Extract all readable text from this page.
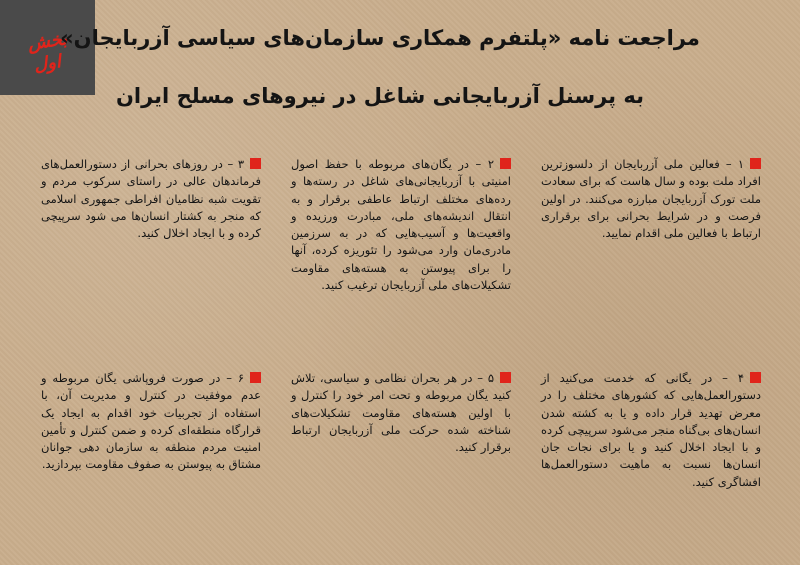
بخش
اول
مراجعت نامه «پلتفرم همکاری سازمان‌های سیاسی آزربایجان»
به پرسنل آزربایجانی شاغل در نیروهای مسلح ایران
۱ – فعالین ملی آزربایجان از دلسوزترین افراد ملت بوده و سال هاست که برای سعادت ملت تورک آزربایجان مبارزه می‌کنند. در اولین فرصت و در شرایط بحرانی برای برقراری ارتباط با فعالین ملی اقدام نمایید.
۲ – در یگان‌های مربوطه با حفظ اصول امنیتی با آزربایجانی‌های شاغل در رسته‌ها و رده‌های مختلف ارتباط عاطفی برقرار و به انتقال اندیشه‌های ملی، مبادرت ورزیده و واقعیت‌ها و آسیب‌هایی که در به سرزمین مادری‌مان وارد می‌شود را تئوریزه کرده، آنها را برای پیوستن به هسته‌های مقاومت تشکیلات‌های ملی آزربایجان ترغیب کنید.
۳ – در روزهای بحرانی از دستورالعمل‌های فرماندهان عالی در راستای سرکوب مردم و تقویت شبه نظامیان افراطی جمهوری اسلامی که منجر به کشتار انسان‌ها می شود سرپیچی کرده و با ایجاد اخلال کنید.
۴ – در یگانی که خدمت می‌کنید از دستورالعمل‌هایی که کشورهای مختلف را در معرض تهدید قرار داده و یا به کشته شدن انسان‌های بی‌گناه منجر می‌شود سرپیچی کرده و با ایجاد اخلال کنید و یا برای نجات جان انسان‌ها نسبت به ماهیت دستورالعمل‌ها افشاگری کنید.
۵ – در هر بحران نظامی و سیاسی، تلاش کنید یگان مربوطه و تحت امر خود را کنترل و با اولین هسته‌های مقاومت تشکیلات‌های شناخته شده حرکت ملی آزربایجان ارتباط برقرار کنید.
۶ – در صورت فروپاشی یگان مربوطه و عدم موفقیت در کنترل و مدیریت آن، با استفاده از تجربیات خود اقدام به ایجاد یک قرارگاه منطقه‌ای کرده و ضمن کنترل و تأمین امنیت مردم منطقه به سازمان دهی جوانان مشتاق به پیوستن به صفوف مقاومت بپردازید.
